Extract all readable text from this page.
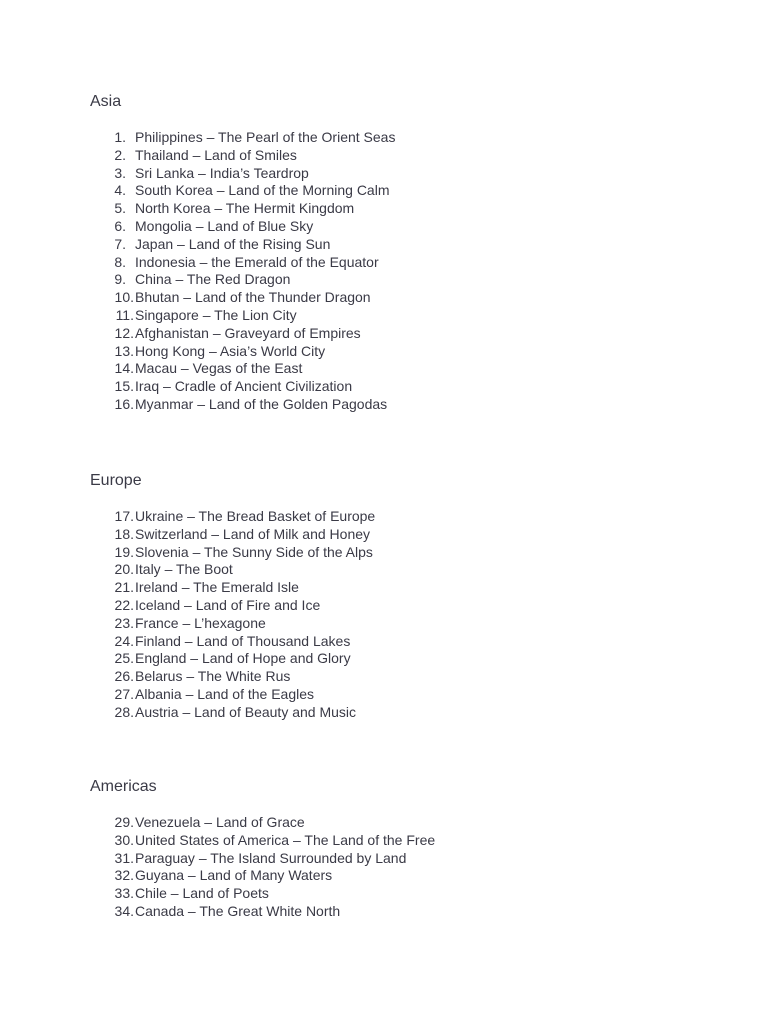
Asia
1. Philippines – The Pearl of the Orient Seas
2. Thailand – Land of Smiles
3. Sri Lanka – India’s Teardrop
4. South Korea – Land of the Morning Calm
5. North Korea – The Hermit Kingdom
6. Mongolia – Land of Blue Sky
7. Japan – Land of the Rising Sun
8. Indonesia – the Emerald of the Equator
9. China – The Red Dragon
10. Bhutan – Land of the Thunder Dragon
11. Singapore – The Lion City
12. Afghanistan – Graveyard of Empires
13. Hong Kong – Asia’s World City
14. Macau – Vegas of the East
15. Iraq – Cradle of Ancient Civilization
16. Myanmar – Land of the Golden Pagodas
Europe
17. Ukraine – The Bread Basket of Europe
18. Switzerland – Land of Milk and Honey
19. Slovenia – The Sunny Side of the Alps
20. Italy – The Boot
21. Ireland – The Emerald Isle
22. Iceland – Land of Fire and Ice
23. France – L’hexagone
24. Finland – Land of Thousand Lakes
25. England – Land of Hope and Glory
26. Belarus – The White Rus
27. Albania – Land of the Eagles
28. Austria – Land of Beauty and Music
Americas
29. Venezuela – Land of Grace
30. United States of America – The Land of the Free
31. Paraguay – The Island Surrounded by Land
32. Guyana – Land of Many Waters
33. Chile – Land of Poets
34. Canada – The Great White North
